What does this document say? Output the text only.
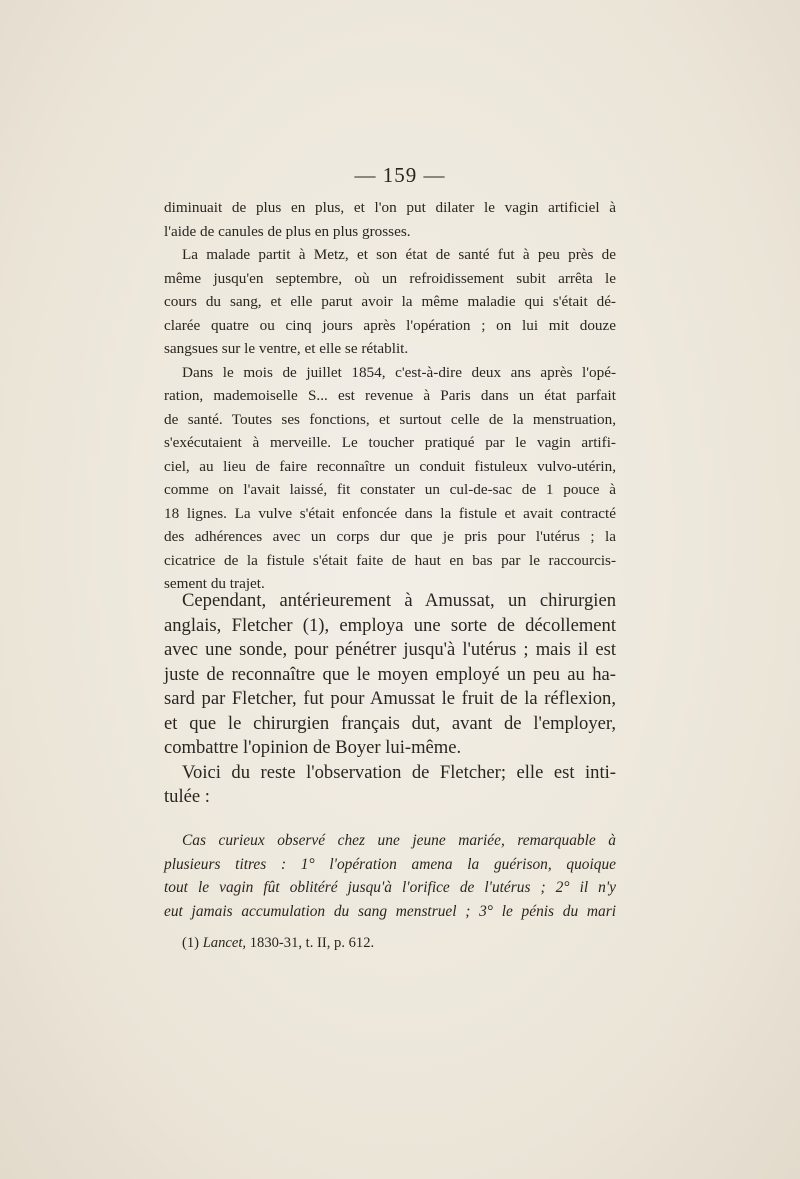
— 159 —
diminuait de plus en plus, et l'on put dilater le vagin artificiel à
l'aide de canules de plus en plus grosses.
La malade partit à Metz, et son état de santé fut à peu près de
même jusqu'en septembre, où un refroidissement subit arrêta le
cours du sang, et elle parut avoir la même maladie qui s'était dé-
clarée quatre ou cinq jours après l'opération ; on lui mit douze
sangsues sur le ventre, et elle se rétablit.
Dans le mois de juillet 1854, c'est-à-dire deux ans après l'opé-
ration, mademoiselle S... est revenue à Paris dans un état parfait
de santé. Toutes ses fonctions, et surtout celle de la menstruation,
s'exécutaient à merveille. Le toucher pratiqué par le vagin artifi-
ciel, au lieu de faire reconnaître un conduit fistuleux vulvo-utérin,
comme on l'avait laissé, fit constater un cul-de-sac de 1 pouce à
18 lignes. La vulve s'était enfoncée dans la fistule et avait contracté
des adhérences avec un corps dur que je pris pour l'utérus ; la
cicatrice de la fistule s'était faite de haut en bas par le raccourcis-
sement du trajet.
Cependant, antérieurement à Amussat, un chirurgien
anglais, Fletcher (1), employa une sorte de décollement
avec une sonde, pour pénétrer jusqu'à l'utérus ; mais il est
juste de reconnaître que le moyen employé un peu au ha-
sard par Fletcher, fut pour Amussat le fruit de la réflexion,
et que le chirurgien français dut, avant de l'employer,
combattre l'opinion de Boyer lui-même.
Voici du reste l'observation de Fletcher; elle est inti-
tulée :
Cas curieux observé chez une jeune mariée, remarquable à
plusieurs titres : 1° l'opération amena la guérison, quoique
tout le vagin fût oblitéré jusqu'à l'orifice de l'utérus ; 2° il n'y
eut jamais accumulation du sang menstruel ; 3° le pénis du mari
(1) Lancet, 1830-31, t. II, p. 612.
